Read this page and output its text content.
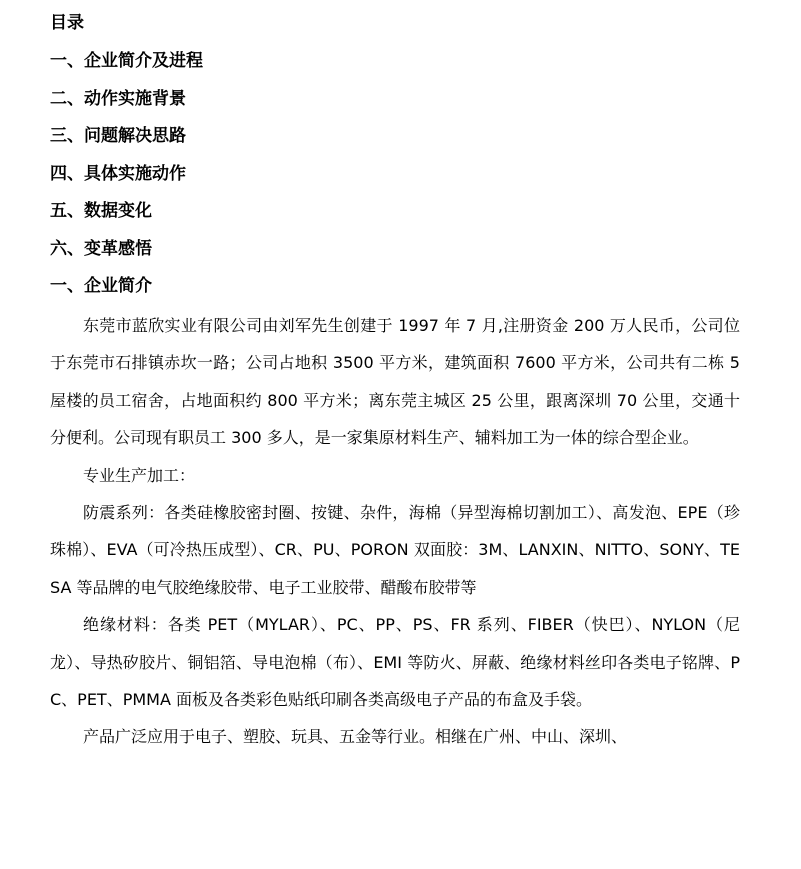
目录
一、企业简介及进程
二、动作实施背景
三、问题解决思路
四、具体实施动作
五、数据变化
六、变革感悟
一、企业简介

东莞市蓝欣实业有限公司由刘军先生创建于 1997 年 7 月,注册资金 200 万人民币，公司位于东莞市石排镇赤坎一路；公司占地积 3500 平方米，建筑面积 7600 平方米，公司共有二栋 5 屋楼的员工宿舍，占地面积约 800 平方米；离东莞主城区 25 公里，跟离深圳 70 公里，交通十分便利。公司现有职员工 300 多人，是一家集原材料生产、辅料加工为一体的综合型企业。

专业生产加工：

防震系列：各类硅橡胶密封圈、按键、杂件，海棉（异型海棉切割加工）、高发泡、EPE（珍珠棉）、EVA（可冷热压成型）、CR、PU、PORON 双面胶：3M、LANXIN、NITTO、SONY、TESA 等品牌的电气胶绝缘胶带、电子工业胶带、醋酸布胶带等

绝缘材料：各类 PET（MYLAR）、PC、PP、PS、FR 系列、FIBER（快巴）、NYLON（尼龙）、导热矽胶片、铜铝箔、导电泡棉（布）、EMI 等防火、屏蔽、绝缘材料丝印各类电子铭牌、PC、PET、PMMA 面板及各类彩色贴纸印刷各类高级电子产品的布盒及手袋。

产品广泛应用于电子、塑胶、玩具、五金等行业。相继在广州、中山、深圳、
